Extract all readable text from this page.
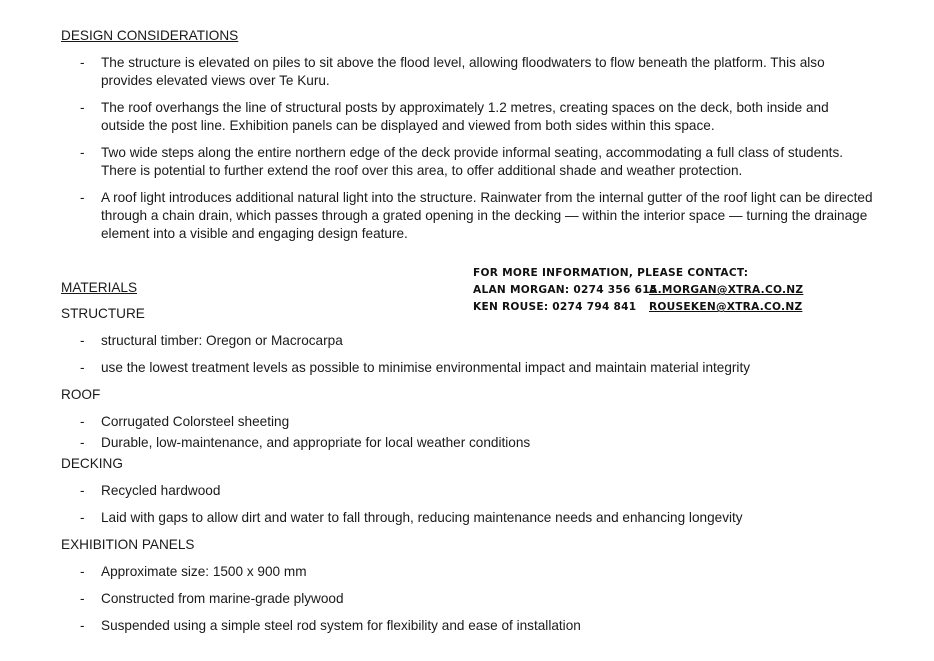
DESIGN CONSIDERATIONS
- The structure is elevated on piles to sit above the flood level, allowing floodwaters to flow beneath the platform. This also provides elevated views over Te Kuru.
- The roof overhangs the line of structural posts by approximately 1.2 metres, creating spaces on the deck, both inside and outside the post line. Exhibition panels can be displayed and viewed from both sides within this space.
- Two wide steps along the entire northern edge of the deck provide informal seating, accommodating a full class of students. There is potential to further extend the roof over this area, to offer additional shade and weather protection.
- A roof light introduces additional natural light into the structure. Rainwater from the internal gutter of the roof light can be directed through a chain drain, which passes through a grated opening in the decking — within the interior space — turning the drainage element into a visible and engaging design feature.
FOR MORE INFORMATION, PLEASE CONTACT:
ALAN MORGAN: 0274 356 615
A.MORGAN@XTRA.CO.NZ
KEN ROUSE: 0274 794 841 ROUSEKEN@XTRA.CO.NZ
MATERIALS
STRUCTURE
- structural timber: Oregon or Macrocarpa
- use the lowest treatment levels as possible to minimise environmental impact and maintain material integrity
ROOF
- Corrugated Colorsteel sheeting
- Durable, low-maintenance, and appropriate for local weather conditions
DECKING
- Recycled hardwood
- Laid with gaps to allow dirt and water to fall through, reducing maintenance needs and enhancing longevity
EXHIBITION PANELS
- Approximate size: 1500 x 900 mm
- Constructed from marine-grade plywood
- Suspended using a simple steel rod system for flexibility and ease of installation
